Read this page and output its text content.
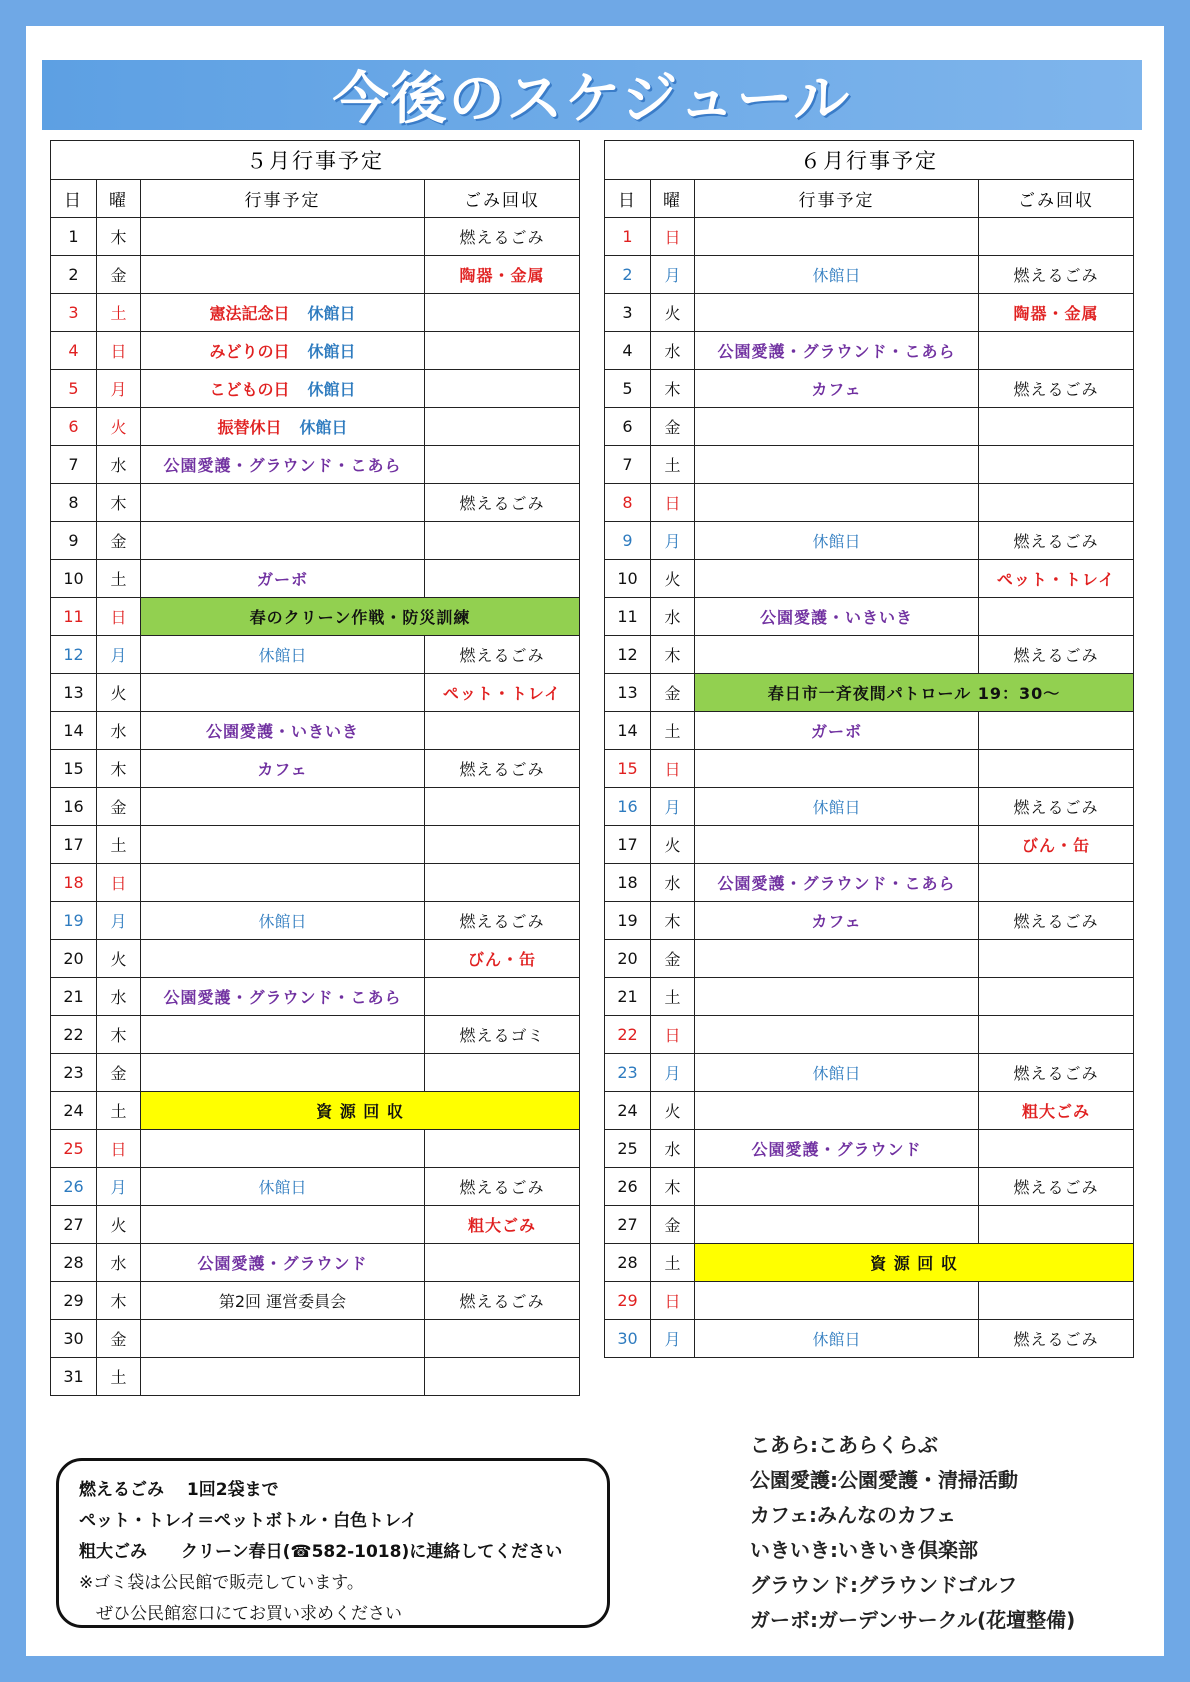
今後のスケジュール
５月行事予定			
日	曜	行事予定	ごみ回収
1	木		燃えるごみ
2	金		陶器・金属
3	土	憲法記念日 休館日	
4	日	みどりの日 休館日	
5	月	こどもの日 休館日	
6	火	振替休日 休館日	
7	水	公園愛護・グラウンド・こあら	
8	木		燃えるごみ
9	金		
10	土	ガーボ	
11	日	春のクリーン作戦・防災訓練	
12	月	休館日	燃えるごみ
13	火		ペット・トレイ
14	水	公園愛護・いきいき	
15	木	カフェ	燃えるごみ
16	金		
17	土		
18	日		
19	月	休館日	燃えるごみ
20	火		びん・缶
21	水	公園愛護・グラウンド・こあら	
22	木		燃えるゴミ
23	金		
24	土	資 源 回 収	
25	日		
26	月	休館日	燃えるごみ
27	火		粗大ごみ
28	水	公園愛護・グラウンド	
29	木	第2回 運営委員会	燃えるごみ
30	金		
31	土		
６月行事予定			
日	曜	行事予定	ごみ回収
1	日		
2	月	休館日	燃えるごみ
3	火		陶器・金属
4	水	公園愛護・グラウンド・こあら	
5	木	カフェ	燃えるごみ
6	金		
7	土		
8	日		
9	月	休館日	燃えるごみ
10	火		ペット・トレイ
11	水	公園愛護・いきいき	
12	木		燃えるごみ
13	金	春日市一斉夜間パトロール 19：30～	
14	土	ガーボ	
15	日		
16	月	休館日	燃えるごみ
17	火		びん・缶
18	水	公園愛護・グラウンド・こあら	
19	木	カフェ	燃えるごみ
20	金		
21	土		
22	日		
23	月	休館日	燃えるごみ
24	火		粗大ごみ
25	水	公園愛護・グラウンド	
26	木		燃えるごみ
27	金		
28	土	資 源 回 収	
29	日		
30	月	休館日	燃えるごみ
燃えるごみ　 1回2袋まで
ペット・トレイ＝ペットボトル・白色トレイ
粗大ごみ　　クリーン春日(☎582-1018)に連絡してください
※ゴミ袋は公民館で販売しています。
　ぜひ公民館窓口にてお買い求めください
こあら:こあらくらぶ
公園愛護:公園愛護・清掃活動
カフェ:みんなのカフェ
いきいき:いきいき倶楽部
グラウンド:グラウンドゴルフ
ガーボ:ガーデンサークル(花壇整備)
